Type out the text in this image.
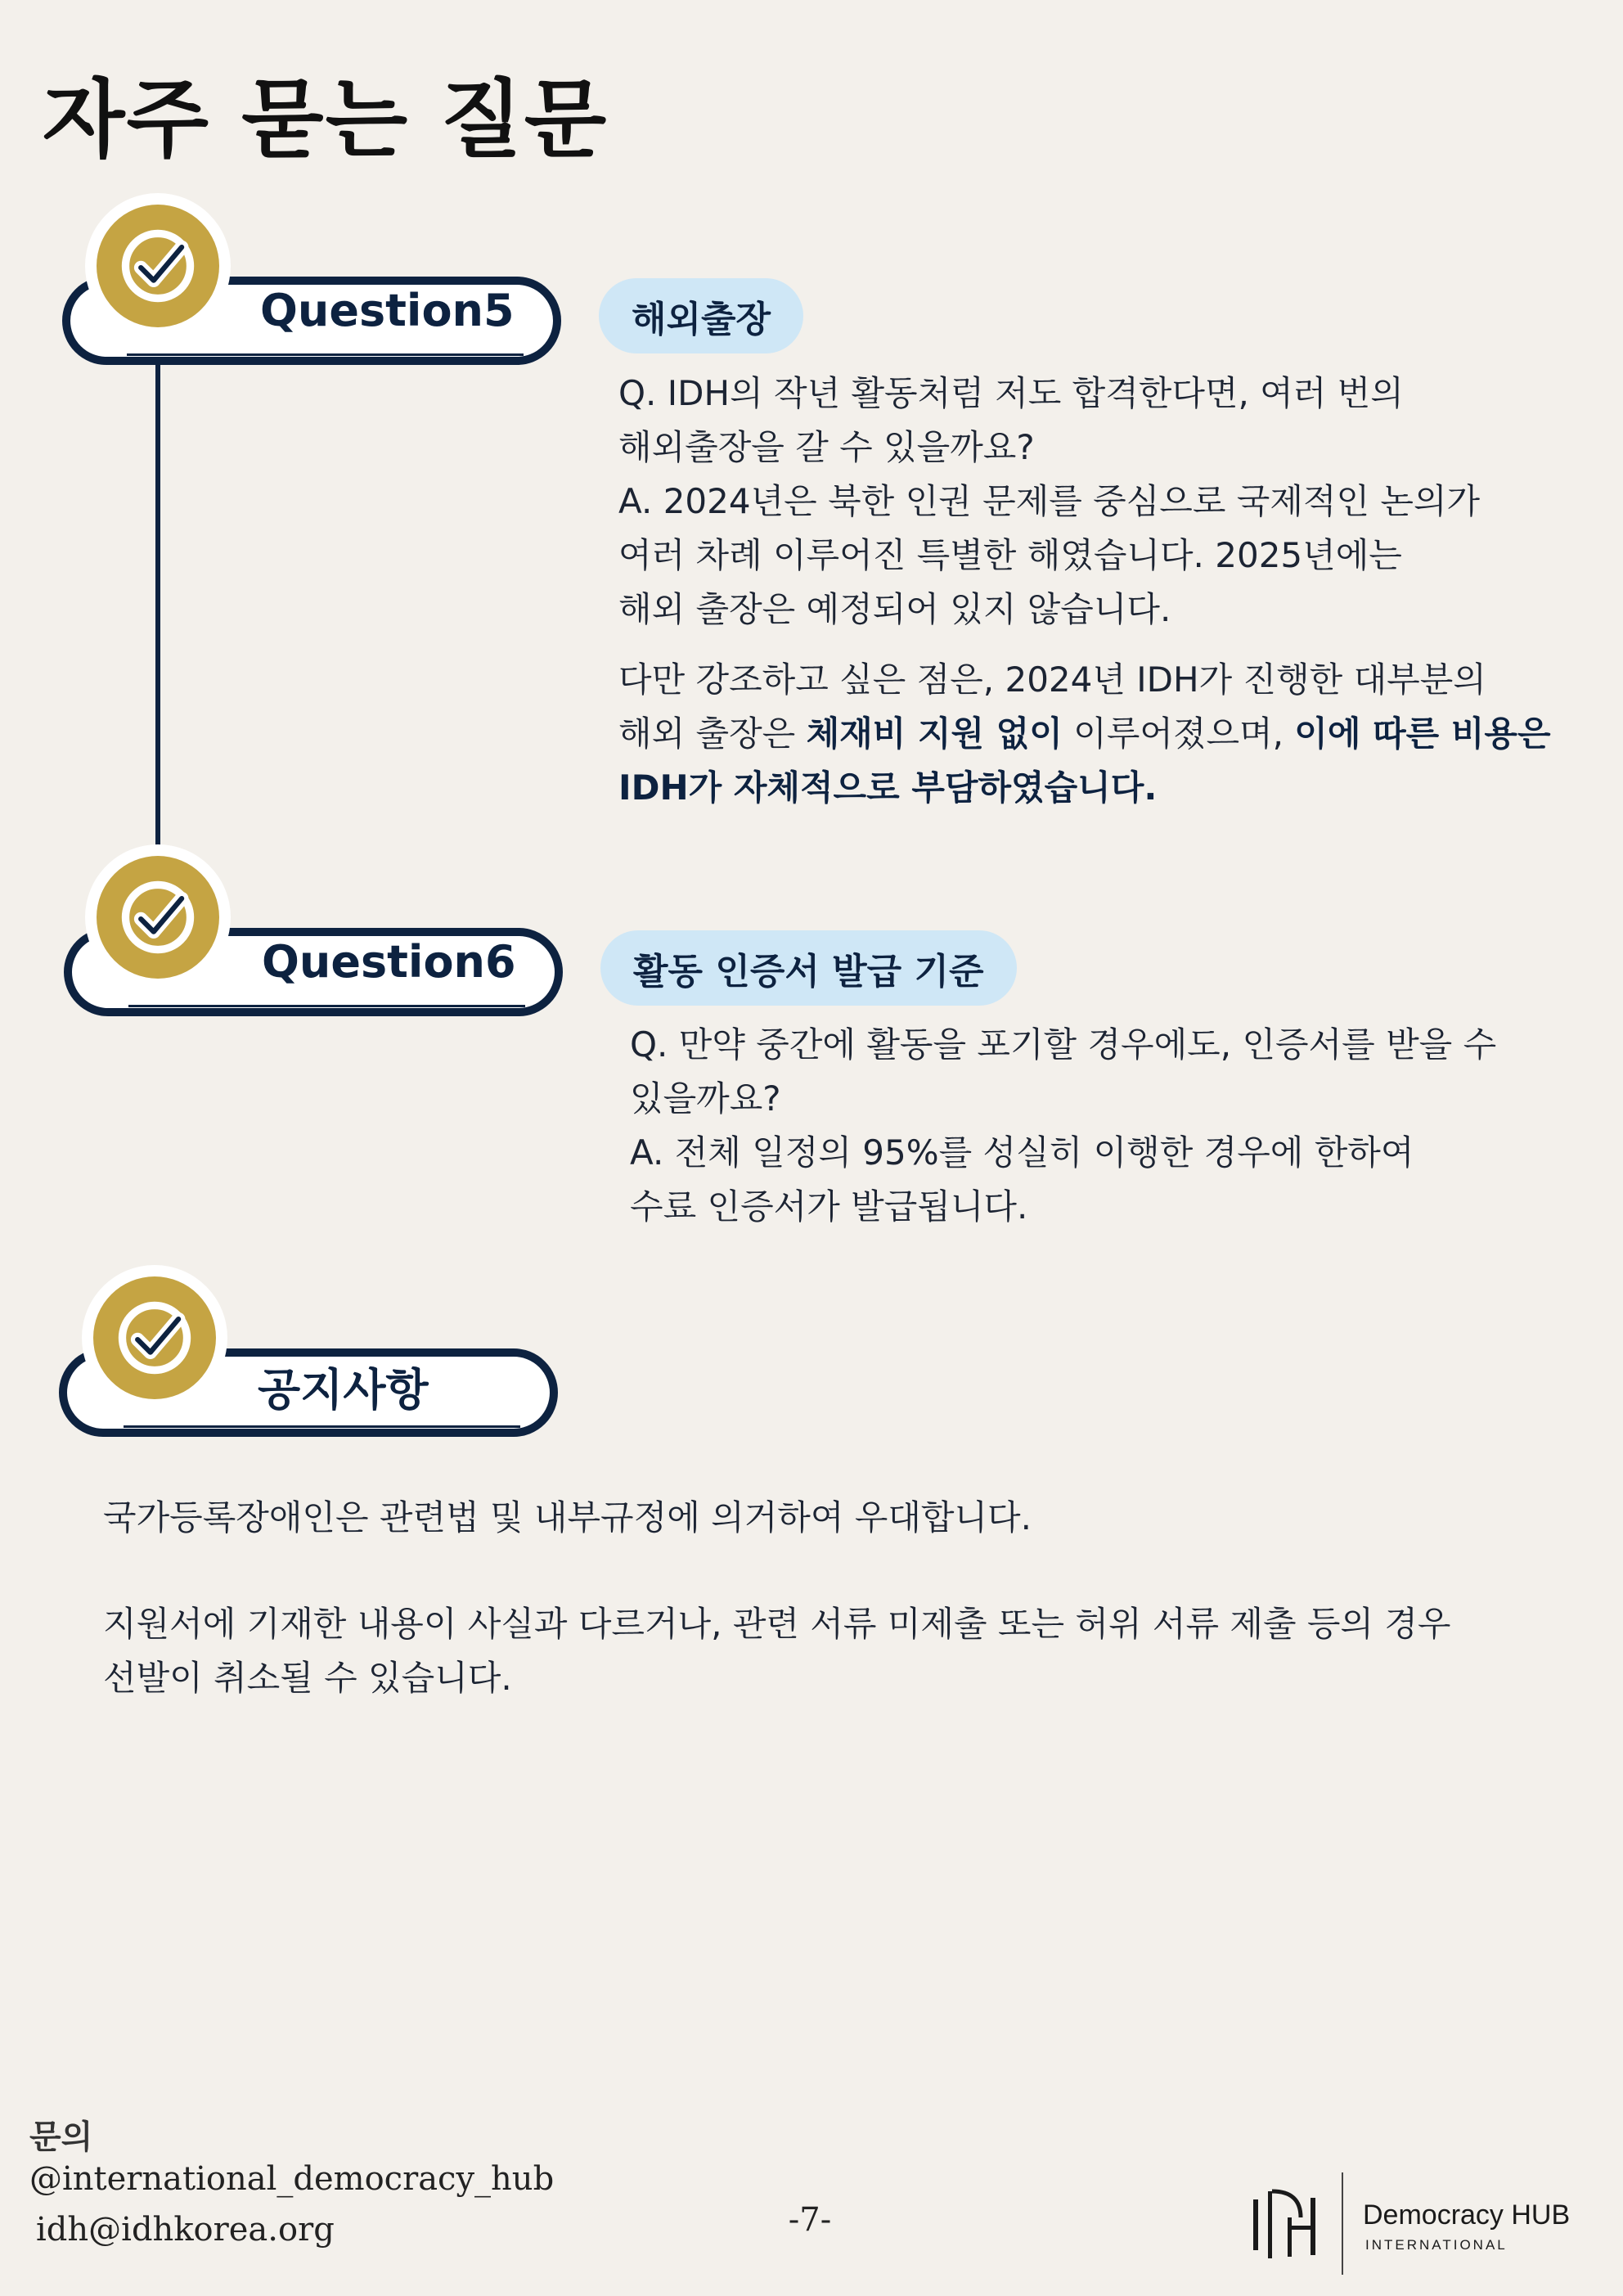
자주 묻는 질문
Question5	해외출장

Q. IDH의 작년 활동처럼 저도 합격한다면, 여러 번의

해외출장을 갈 수 있을까요?

A. 2024년은 북한 인권 문제를 중심으로 국제적인 논의가

여러 차례 이루어진 특별한 해였습니다. 2025년에는

해외 출장은 예정되어 있지 않습니다.

다만 강조하고 싶은 점은, 2024년 IDH가 진행한 대부분의

해외 출장은 체재비 지원 없이 이루어졌으며, 이에 따른 비용은

IDH가 자체적으로 부담하였습니다.

Question6	활동 인증서 발급 기준

Q. 만약 중간에 활동을 포기할 경우에도, 인증서를 받을 수

있을까요?

A. 전체 일정의 95%를 성실히 이행한 경우에 한하여

수료 인증서가 발급됩니다.

공지사항

국가등록장애인은 관련법 및 내부규정에 의거하여 우대합니다.

지원서에 기재한 내용이 사실과 다르거나, 관련 서류 미제출 또는 허위 서류 제출 등의 경우

선발이 취소될 수 있습니다.

문의
@international_democracy_hub
idh@idhkorea.org	-7-	Democracy HUB
INTERNATIONAL
